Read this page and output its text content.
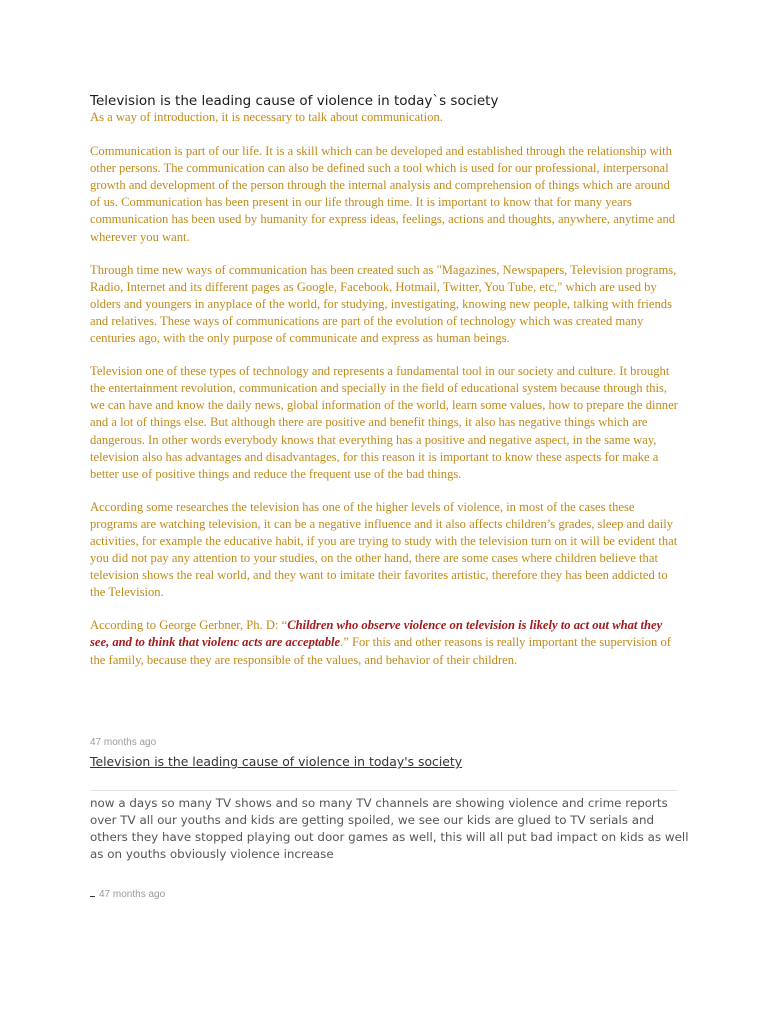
Television is the leading cause of violence in today`s society

As a way of introduction, it is necessary to talk about communication.

Communication is part of our life. It is a skill which can be developed and established through the relationship with other persons. The communication can also be defined such a tool which is used for our professional, interpersonal growth and development of the person through the internal analysis and comprehension of things which are around of us. Communication has been present in our life through time. It is important to know that for many years communication has been used by humanity for express ideas, feelings, actions and thoughts, anywhere, anytime and wherever you want.

Through time new ways of communication has been created such as "Magazines, Newspapers, Television programs, Radio, Internet and its different pages as Google, Facebook, Hotmail, Twitter, You Tube, etc," which are used by olders and youngers in anyplace of the world, for studying, investigating, knowing new people, talking with friends and relatives. These ways of communications are part of the evolution of technology which was created many centuries ago, with the only purpose of communicate and express as human beings.

Television one of these types of technology and represents a fundamental tool in our society and culture. It brought the entertainment revolution, communication and specially in the field of educational system because through this, we can have and know the daily news, global information of the world, learn some values, how to prepare the dinner and a lot of things else. But although there are positive and benefit things, it also has negative things which are dangerous. In other words everybody knows that everything has a positive and negative aspect, in the same way, television also has advantages and disadvantages, for this reason it is important to know these aspects for make a better use of positive things and reduce the frequent use of the bad things.

According some researches the television has one of the higher levels of violence, in most of the cases these programs are watching television, it can be a negative influence and it also affects children’s grades, sleep and daily activities, for example the educative habit, if you are trying to study with the television turn on it will be evident that you did not pay any attention to your studies, on the other hand, there are some cases where children believe that television shows the real world, and they want to imitate their favorites artistic, therefore they has been addicted to the Television.

According to George Gerbner, Ph. D: “Children who observe violence on television is likely to act out what they see, and to think that violenc acts are acceptable.” For this and other reasons is really important the supervision of the family, because they are responsible of the values, and behavior of their children.

47 months ago
Television is the leading cause of violence in today's society
now a days so many TV shows and so many TV channels are showing violence and crime reports over TV all our youths and kids are getting spoiled, we see our kids are glued to TV serials and others they have stopped playing out door games as well, this will all put bad impact on kids as well as on youths obviously violence increase
47 months ago
